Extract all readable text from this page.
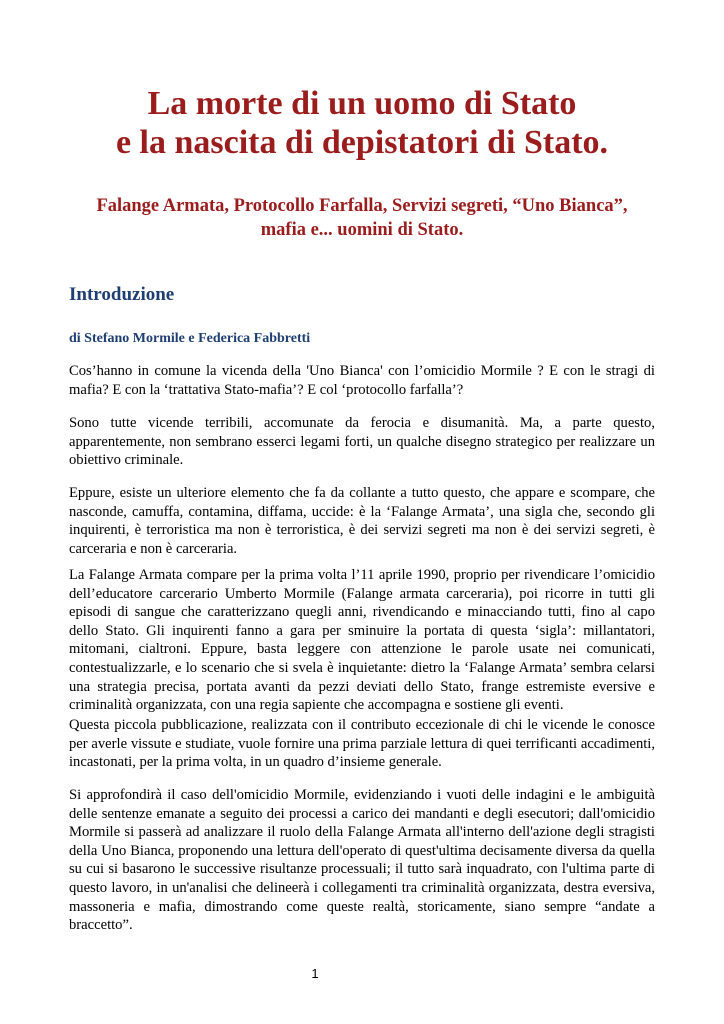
La morte di un uomo di Stato
e la nascita di depistatori di Stato.
Falange Armata, Protocollo Farfalla, Servizi segreti, “Uno Bianca”,
mafia e... uomini di Stato.
Introduzione

di Stefano Mormile e Federica Fabbretti

Cos’hanno in comune la vicenda della 'Uno Bianca' con l’omicidio Mormile ? E con le stragi di mafia? E con la ‘trattativa Stato-mafia’? E col ‘protocollo farfalla’?

Sono tutte vicende terribili, accomunate da ferocia e disumanità. Ma, a parte questo, apparentemente, non sembrano esserci legami forti, un qualche disegno strategico per realizzare un obiettivo criminale.

Eppure, esiste un ulteriore elemento che fa da collante a tutto questo, che appare e scompare, che nasconde, camuffa, contamina, diffama, uccide: è la ‘Falange Armata’, una sigla che, secondo gli inquirenti, è terroristica ma non è terroristica, è dei servizi segreti ma non è dei servizi segreti, è carceraria e non è carceraria.

La Falange Armata compare per la prima volta l’11 aprile 1990, proprio per rivendicare l’omicidio dell’educatore carcerario Umberto Mormile (Falange armata carceraria), poi ricorre in tutti gli episodi di sangue che caratterizzano quegli anni, rivendicando e minacciando tutti, fino al capo dello Stato. Gli inquirenti fanno a gara per sminuire la portata di questa ‘sigla’: millantatori, mitomani, cialtroni. Eppure, basta leggere con attenzione le parole usate nei comunicati, contestualizzarle, e lo scenario che si svela è inquietante: dietro la ‘Falange Armata’ sembra celarsi una strategia precisa, portata avanti da pezzi deviati dello Stato, frange estremiste eversive e criminalità organizzata, con una regia sapiente che accompagna e sostiene gli eventi.

Questa piccola pubblicazione, realizzata con il contributo eccezionale di chi le vicende le conosce per averle vissute e studiate, vuole fornire una prima parziale lettura di quei terrificanti accadimenti, incastonati, per la prima volta, in un quadro d’insieme generale.

Si approfondirà il caso dell'omicidio Mormile, evidenziando i vuoti delle indagini e le ambiguità delle sentenze emanate a seguito dei processi a carico dei mandanti e degli esecutori; dall'omicidio Mormile si passerà ad analizzare il ruolo della Falange Armata all'interno dell'azione degli stragisti della Uno Bianca, proponendo una lettura dell'operato di quest'ultima decisamente diversa da quella su cui si basarono le successive risultanze processuali; il tutto sarà inquadrato, con l'ultima parte di questo lavoro, in un'analisi che delineerà i collegamenti tra criminalità organizzata, destra eversiva, massoneria e mafia, dimostrando come queste realtà, storicamente, siano sempre “andate a braccetto”.

1
